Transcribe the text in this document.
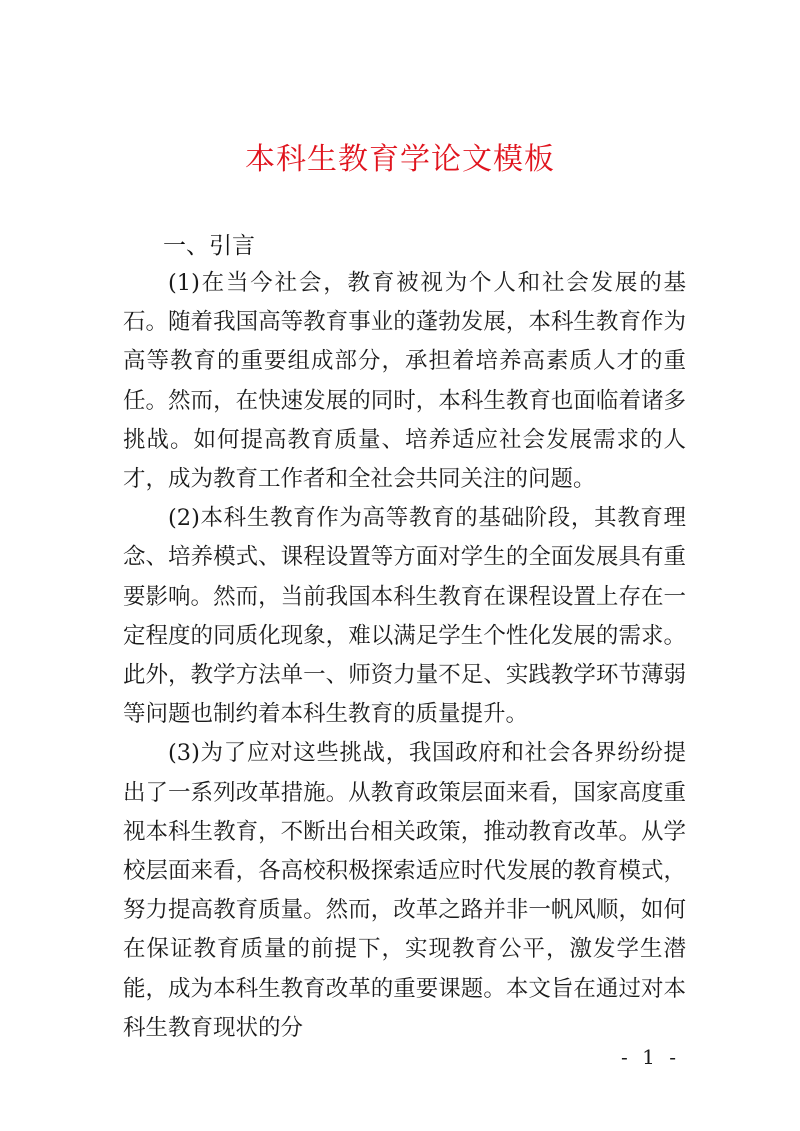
本科生教育学论文模板
一、引言

(1)在当今社会，教育被视为个人和社会发展的基石。随着我国高等教育事业的蓬勃发展，本科生教育作为高等教育的重要组成部分，承担着培养高素质人才的重任。然而，在快速发展的同时，本科生教育也面临着诸多挑战。如何提高教育质量、培养适应社会发展需求的人才，成为教育工作者和全社会共同关注的问题。

(2)本科生教育作为高等教育的基础阶段，其教育理念、培养模式、课程设置等方面对学生的全面发展具有重要影响。然而，当前我国本科生教育在课程设置上存在一定程度的同质化现象，难以满足学生个性化发展的需求。此外，教学方法单一、师资力量不足、实践教学环节薄弱等问题也制约着本科生教育的质量提升。

(3)为了应对这些挑战，我国政府和社会各界纷纷提出了一系列改革措施。从教育政策层面来看，国家高度重视本科生教育，不断出台相关政策，推动教育改革。从学校层面来看，各高校积极探索适应时代发展的教育模式，努力提高教育质量。然而，改革之路并非一帆风顺，如何在保证教育质量的前提下，实现教育公平，激发学生潜能，成为本科生教育改革的重要课题。本文旨在通过对本科生教育现状的分

- 1 -
